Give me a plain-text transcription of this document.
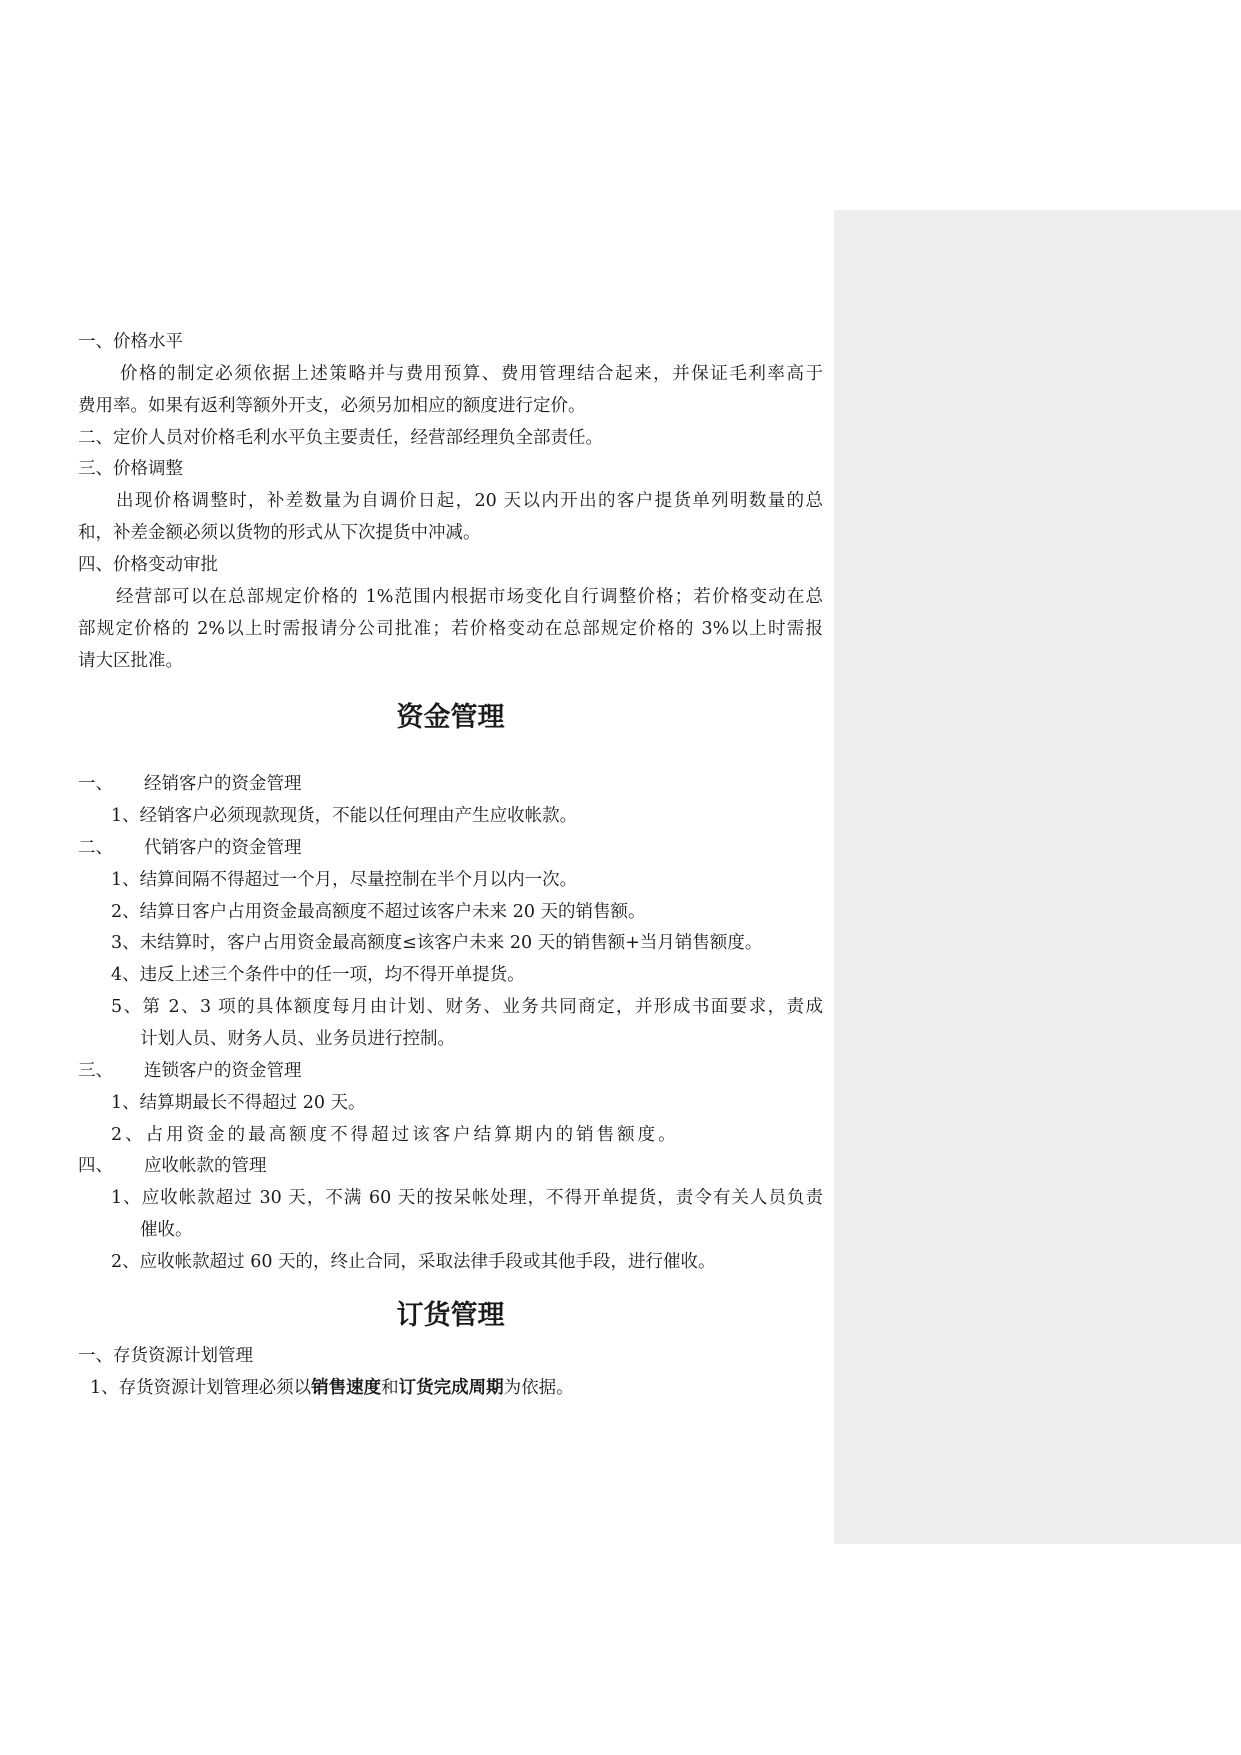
一、价格水平
价格的制定必须依据上述策略并与费用预算、费用管理结合起来，并保证毛利率高于
费用率。如果有返利等额外开支，必须另加相应的额度进行定价。
二、定价人员对价格毛利水平负主要责任，经营部经理负全部责任。
三、价格调整
出现价格调整时，补差数量为自调价日起，20 天以内开出的客户提货单列明数量的总
和，补差金额必须以货物的形式从下次提货中冲减。
四、价格变动审批
经营部可以在总部规定价格的 1%范围内根据市场变化自行调整价格；若价格变动在总
部规定价格的 2%以上时需报请分公司批准；若价格变动在总部规定价格的 3%以上时需报
请大区批准。
资金管理
一、 经销客户的资金管理
1、经销客户必须现款现货，不能以任何理由产生应收帐款。
二、 代销客户的资金管理
1、结算间隔不得超过一个月，尽量控制在半个月以内一次。
2、结算日客户占用资金最高额度不超过该客户未来 20 天的销售额。
3、未结算时，客户占用资金最高额度≤该客户未来 20 天的销售额+当月销售额度。
4、违反上述三个条件中的任一项，均不得开单提货。
5、第 2、3 项的具体额度每月由计划、财务、业务共同商定，并形成书面要求，责成
计划人员、财务人员、业务员进行控制。
三、 连锁客户的资金管理
1、结算期最长不得超过 20 天。
2、占用资金的最高额度不得超过该客户结算期内的销售额度。
四、 应收帐款的管理
1、应收帐款超过 30 天，不满 60 天的按呆帐处理，不得开单提货，责令有关人员负责
催收。
2、应收帐款超过 60 天的，终止合同，采取法律手段或其他手段，进行催收。
订货管理
一、存货资源计划管理
1、存货资源计划管理必须以销售速度和订货完成周期为依据。
